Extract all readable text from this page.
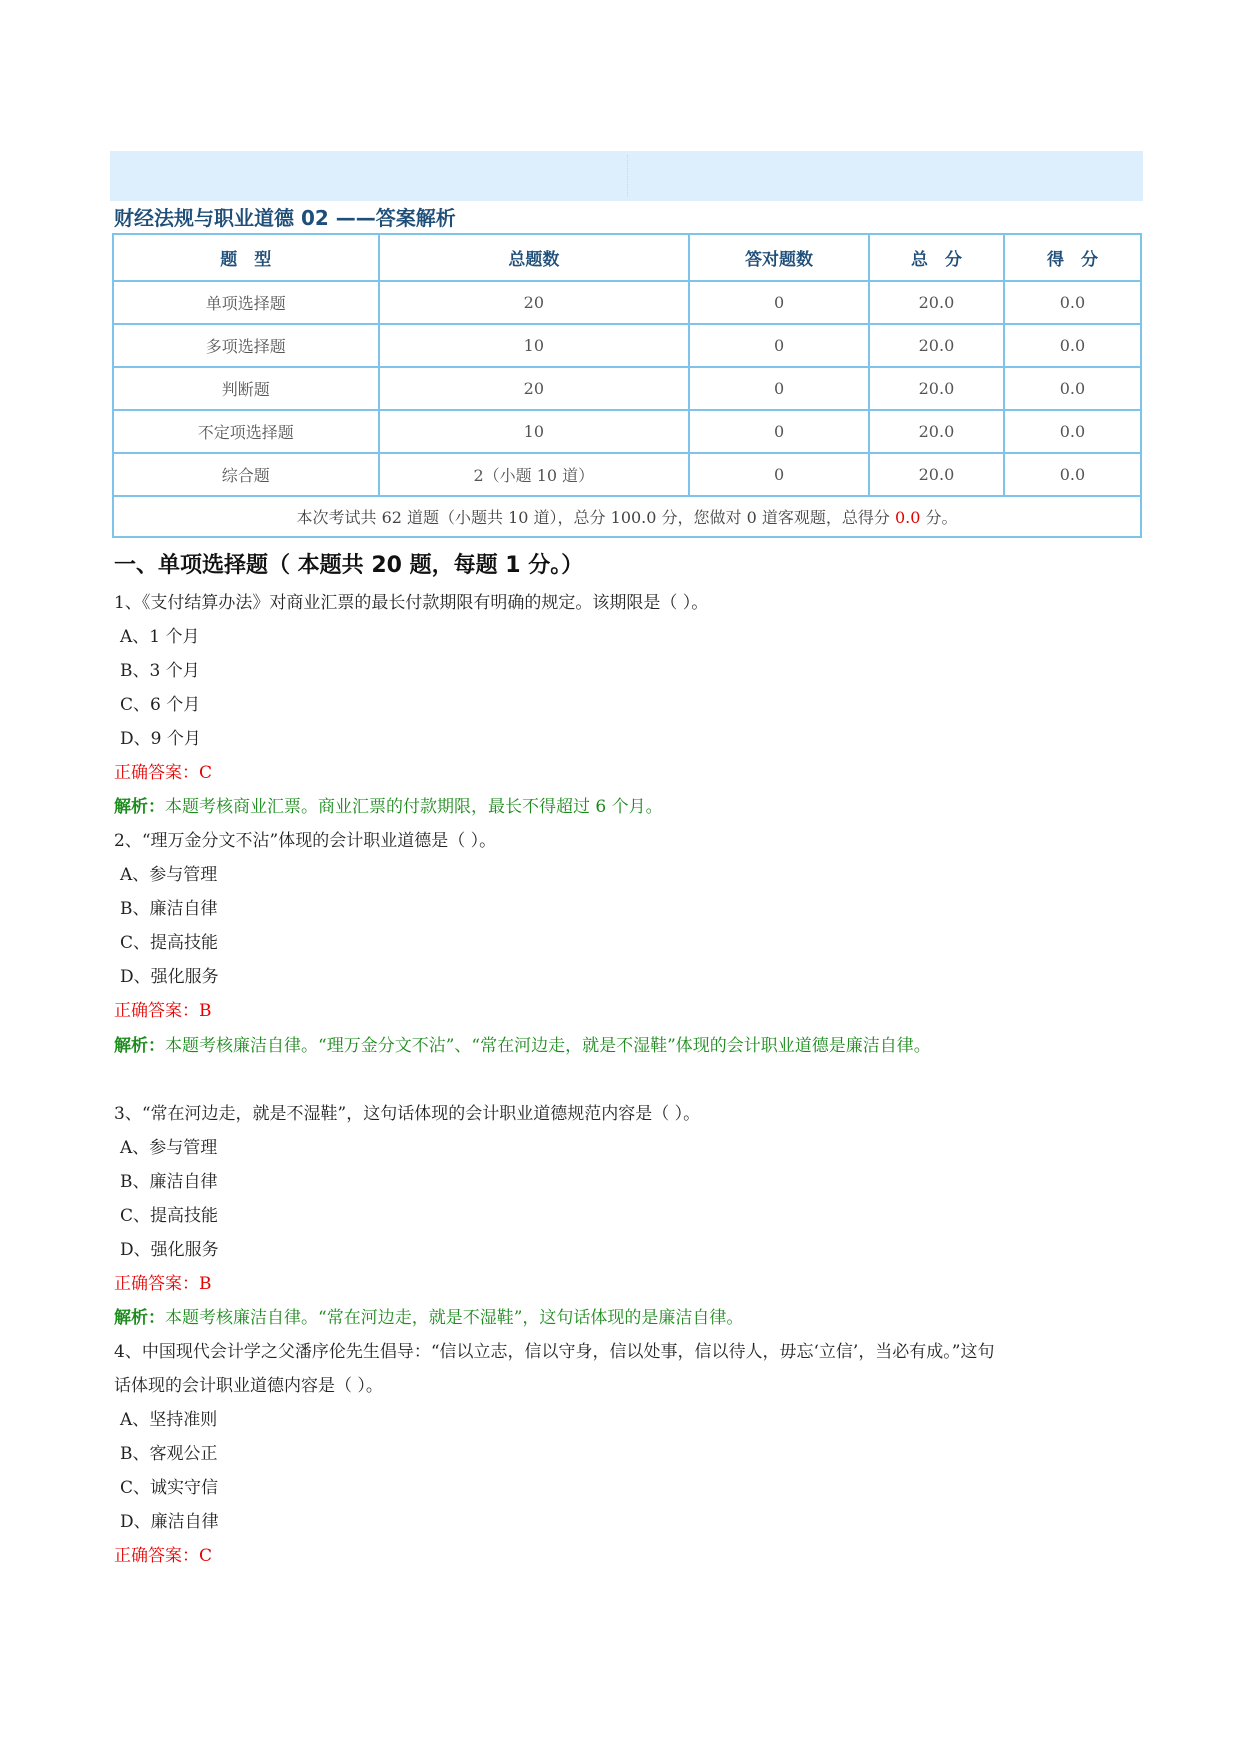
财经法规与职业道德 02 ——答案解析
题　型	总题数	答对题数	总　分	得　分
单项选择题	20	0	20.0	0.0
多项选择题	10	0	20.0	0.0
判断题	20	0	20.0	0.0
不定项选择题	10	0	20.0	0.0
综合题	2（小题 10 道）	0	20.0	0.0
本次考试共 62 道题（小题共 10 道），总分 100.0 分，您做对 0 道客观题，总得分 0.0 分。				
一、单项选择题（ 本题共 20 题，每题 1 分。）
1、《支付结算办法》对商业汇票的最长付款期限有明确的规定。该期限是（ ）。
A、1 个月
B、3 个月
C、6 个月
D、9 个月
正确答案：C
解析：本题考核商业汇票。商业汇票的付款期限，最长不得超过 6 个月。
2、“理万金分文不沾”体现的会计职业道德是（ ）。
A、参与管理
B、廉洁自律
C、提高技能
D、强化服务
正确答案：B
解析：本题考核廉洁自律。“理万金分文不沾”、“常在河边走，就是不湿鞋”体现的会计职业道德是廉洁自律。
3、“常在河边走，就是不湿鞋”，这句话体现的会计职业道德规范内容是（ ）。
A、参与管理
B、廉洁自律
C、提高技能
D、强化服务
正确答案：B
解析：本题考核廉洁自律。“常在河边走，就是不湿鞋”，这句话体现的是廉洁自律。
4、中国现代会计学之父潘序伦先生倡导：“信以立志，信以守身，信以处事，信以待人，毋忘‘立信’，当必有成。”这句
话体现的会计职业道德内容是（ ）。
A、坚持准则
B、客观公正
C、诚实守信
D、廉洁自律
正确答案：C
